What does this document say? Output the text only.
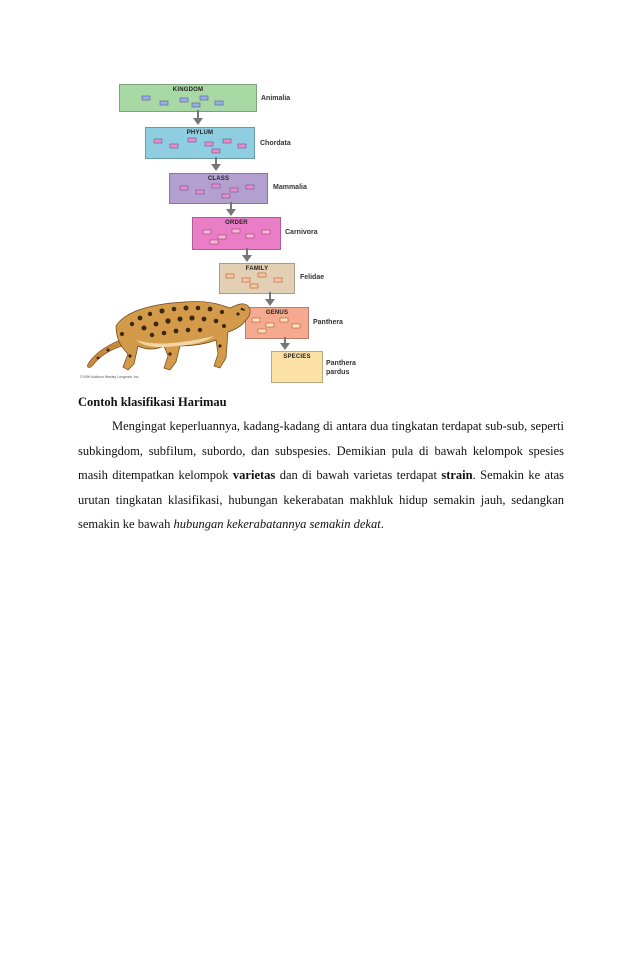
KINGDOM
Animalia
PHYLUM
Chordata
CLASS
Mammalia
ORDER
Carnivora
FAMILY
Felidae
GENUS
Panthera
SPECIES
Panthera pardus
©1999 Addison Wesley Longman, Inc.
Contoh klasifikasi Harimau

Mengingat keperluannya, kadang-kadang di antara dua tingkatan terdapat sub-sub, seperti subkingdom, subfilum, subordo, dan subspesies. Demikian pula di bawah kelompok spesies masih ditempatkan kelompok varietas dan di bawah varietas terdapat strain. Semakin ke atas urutan tingkatan klasifikasi, hubungan kekerabatan makhluk hidup semakin jauh, sedangkan semakin ke bawah hubungan kekerabatannya semakin dekat.
